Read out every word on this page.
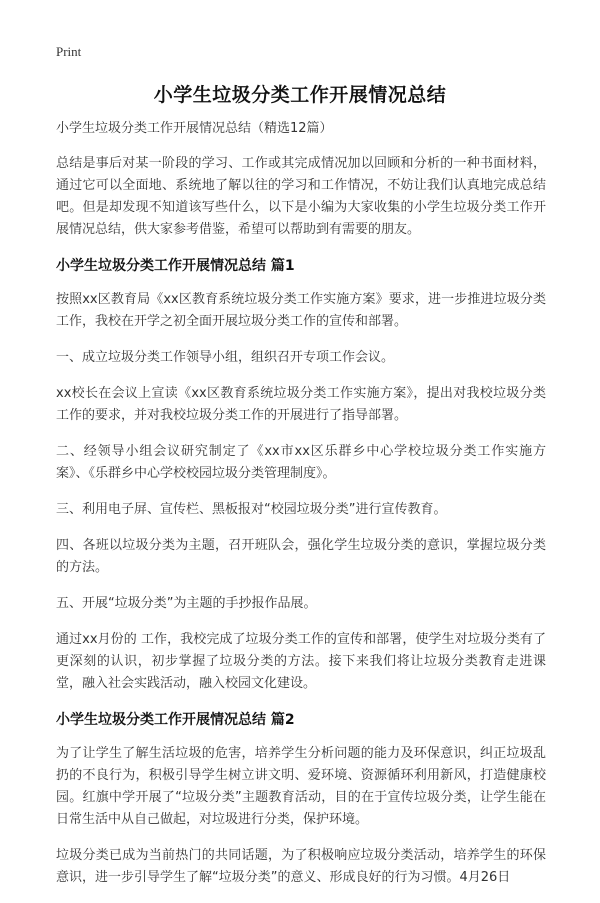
Print
小学生垃圾分类工作开展情况总结
小学生垃圾分类工作开展情况总结（精选12篇）

总结是事后对某一阶段的学习、工作或其完成情况加以回顾和分析的一种书面材料，通过它可以全面地、系统地了解以往的学习和工作情况，不妨让我们认真地完成总结吧。但是却发现不知道该写些什么，以下是小编为大家收集的小学生垃圾分类工作开展情况总结，供大家参考借鉴，希望可以帮助到有需要的朋友。

小学生垃圾分类工作开展情况总结 篇1

按照xx区教育局《xx区教育系统垃圾分类工作实施方案》要求，进一步推进垃圾分类工作，我校在开学之初全面开展垃圾分类工作的宣传和部署。

一、成立垃圾分类工作领导小组，组织召开专项工作会议。

xx校长在会议上宣读《xx区教育系统垃圾分类工作实施方案》，提出对我校垃圾分类工作的要求，并对我校垃圾分类工作的开展进行了指导部署。

二、经领导小组会议研究制定了《xx市xx区乐群乡中心学校垃圾分类工作实施方案》、《乐群乡中心学校校园垃圾分类管理制度》。

三、利用电子屏、宣传栏、黑板报对“校园垃圾分类”进行宣传教育。

四、各班以垃圾分类为主题，召开班队会，强化学生垃圾分类的意识，掌握垃圾分类的方法。

五、开展“垃圾分类”为主题的手抄报作品展。

通过xx月份的 工作，我校完成了垃圾分类工作的宣传和部署，使学生对垃圾分类有了更深刻的认识，初步掌握了垃圾分类的方法。接下来我们将让垃圾分类教育走进课堂，融入社会实践活动，融入校园文化建设。

小学生垃圾分类工作开展情况总结 篇2

为了让学生了解生活垃圾的危害，培养学生分析问题的能力及环保意识，纠正垃圾乱扔的不良行为，积极引导学生树立讲文明、爱环境、资源循环利用新风，打造健康校园。红旗中学开展了“垃圾分类”主题教育活动，目的在于宣传垃圾分类，让学生能在日常生活中从自己做起，对垃圾进行分类，保护环境。

垃圾分类已成为当前热门的共同话题，为了积极响应垃圾分类活动，培养学生的环保意识，进一步引导学生了解“垃圾分类”的意义、形成良好的行为习惯。4月26日
